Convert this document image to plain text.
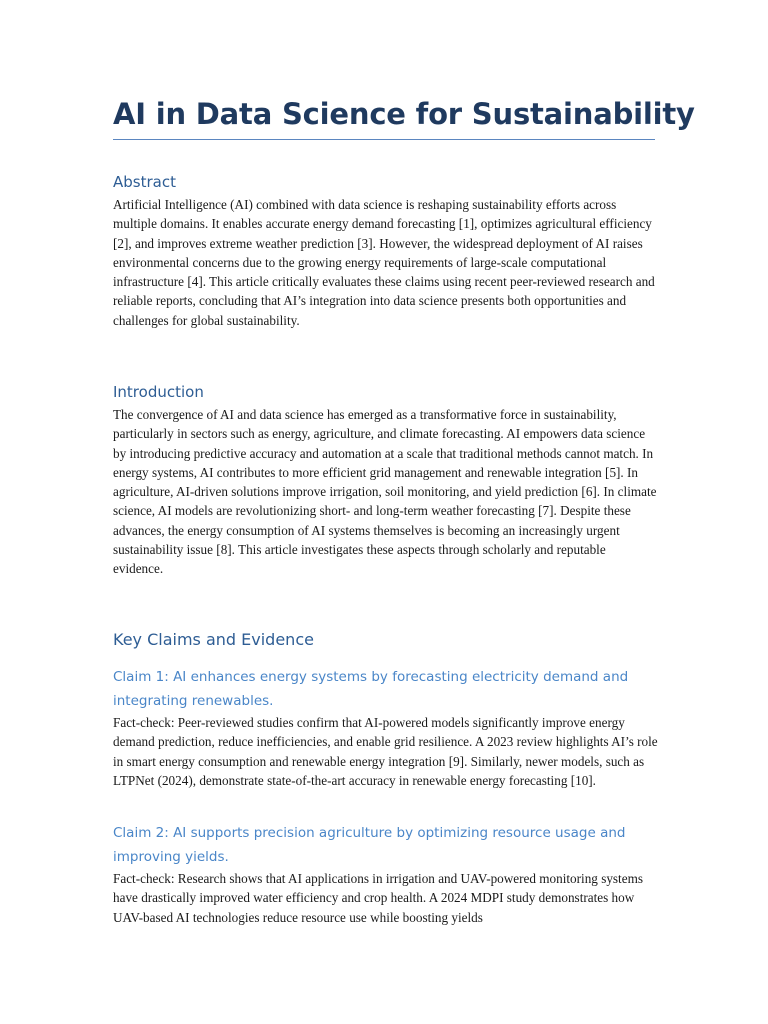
AI in Data Science for Sustainability
Abstract

Artificial Intelligence (AI) combined with data science is reshaping sustainability efforts across multiple domains. It enables accurate energy demand forecasting [1], optimizes agricultural efficiency [2], and improves extreme weather prediction [3]. However, the widespread deployment of AI raises environmental concerns due to the growing energy requirements of large-scale computational infrastructure [4]. This article critically evaluates these claims using recent peer-reviewed research and reliable reports, concluding that AI’s integration into data science presents both opportunities and challenges for global sustainability.

Introduction

The convergence of AI and data science has emerged as a transformative force in sustainability, particularly in sectors such as energy, agriculture, and climate forecasting. AI empowers data science by introducing predictive accuracy and automation at a scale that traditional methods cannot match. In energy systems, AI contributes to more efficient grid management and renewable integration [5]. In agriculture, AI-driven solutions improve irrigation, soil monitoring, and yield prediction [6]. In climate science, AI models are revolutionizing short- and long-term weather forecasting [7]. Despite these advances, the energy consumption of AI systems themselves is becoming an increasingly urgent sustainability issue [8]. This article investigates these aspects through scholarly and reputable evidence.

Key Claims and Evidence
Claim 1: AI enhances energy systems by forecasting electricity demand and integrating renewables.

Fact-check: Peer-reviewed studies confirm that AI-powered models significantly improve energy demand prediction, reduce inefficiencies, and enable grid resilience. A 2023 review highlights AI’s role in smart energy consumption and renewable energy integration [9]. Similarly, newer models, such as LTPNet (2024), demonstrate state-of-the-art accuracy in renewable energy forecasting [10].

Claim 2: AI supports precision agriculture by optimizing resource usage and improving yields.

Fact-check: Research shows that AI applications in irrigation and UAV-powered monitoring systems have drastically improved water efficiency and crop health. A 2024 MDPI study demonstrates how UAV-based AI technologies reduce resource use while boosting yields
